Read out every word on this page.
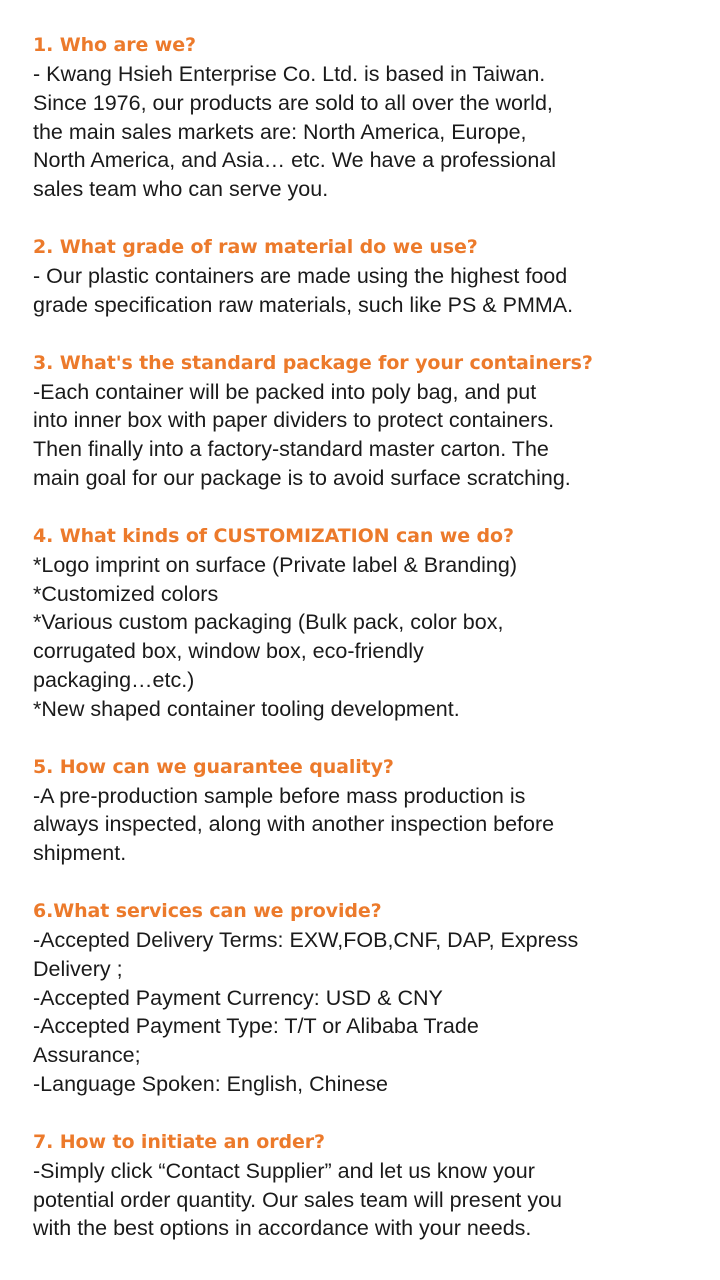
1. Who are we?
- Kwang Hsieh Enterprise Co. Ltd. is based in Taiwan.
Since 1976, our products are sold to all over the world,
the main sales markets are: North America, Europe,
North America, and Asia… etc. We have a professional
sales team who can serve you.
2. What grade of raw material do we use?
- Our plastic containers are made using the highest food
grade specification raw materials, such like PS & PMMA.
3. What's the standard package for your containers?
-Each container will be packed into poly bag, and put
into inner box with paper dividers to protect containers.
Then finally into a factory-standard master carton. The
main goal for our package is to avoid surface scratching.
4. What kinds of CUSTOMIZATION can we do?
*Logo imprint on surface (Private label & Branding)
*Customized colors
*Various custom packaging (Bulk pack, color box,
corrugated box, window box, eco-friendly
packaging…etc.)
*New shaped container tooling development.
5. How can we guarantee quality?
-A pre-production sample before mass production is
always inspected, along with another inspection before
shipment.
6.What services can we provide?
-Accepted Delivery Terms: EXW,FOB,CNF, DAP, Express
Delivery ;
-Accepted Payment Currency: USD & CNY
-Accepted Payment Type: T/T or Alibaba Trade
Assurance;
-Language Spoken: English, Chinese
7. How to initiate an order?
-Simply click “Contact Supplier” and let us know your
potential order quantity. Our sales team will present you
with the best options in accordance with your needs.
